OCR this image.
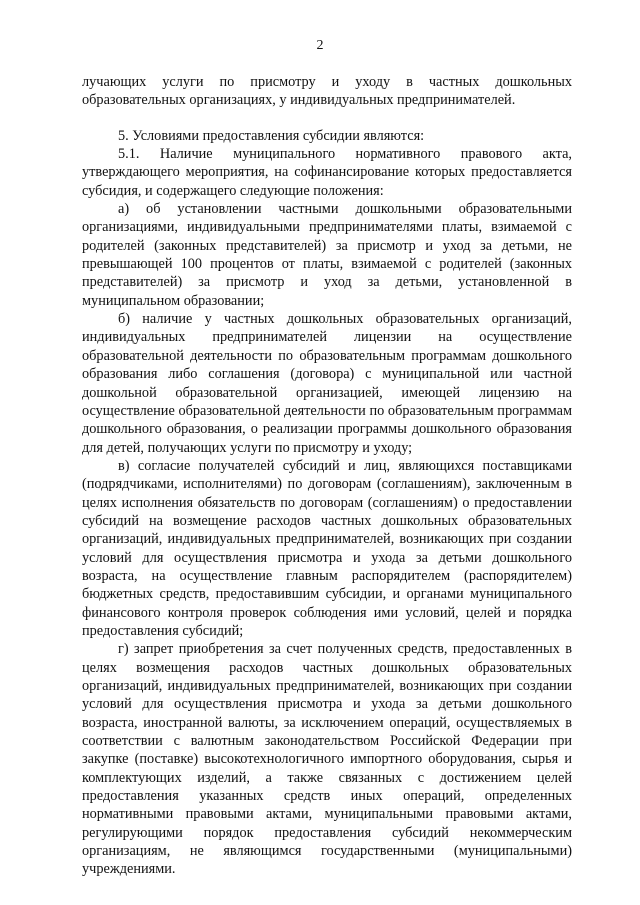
2

лучающих услуги по присмотру и уходу в частных дошкольных образовательных организациях, у индивидуальных предпринимателей.

5. Условиями предоставления субсидии являются:

5.1. Наличие муниципального нормативного правового акта, утверждающего мероприятия, на софинансирование которых предоставляется субсидия, и содержащего следующие положения:

а) об установлении частными дошкольными образовательными организациями, индивидуальными предпринимателями платы, взимаемой с родителей (законных представителей) за присмотр и уход за детьми, не превышающей 100 процентов от платы, взимаемой с родителей (законных представителей) за присмотр и уход за детьми, установленной в муниципальном образовании;

б) наличие у частных дошкольных образовательных организаций, индивидуальных предпринимателей лицензии на осуществление образовательной деятельности по образовательным программам дошкольного образования либо соглашения (договора) с муниципальной или частной дошкольной образовательной организацией, имеющей лицензию на осуществление образовательной деятельности по образовательным программам дошкольного образования, о реализации программы дошкольного образования для детей, получающих услуги по присмотру и уходу;

в) согласие получателей субсидий и лиц, являющихся поставщиками (подрядчиками, исполнителями) по договорам (соглашениям), заключенным в целях исполнения обязательств по договорам (соглашениям) о предоставлении субсидий на возмещение расходов частных дошкольных образовательных организаций, индивидуальных предпринимателей, возникающих при создании условий для осуществления присмотра и ухода за детьми дошкольного возраста, на осуществление главным распорядителем (распорядителем) бюджетных средств, предоставившим субсидии, и органами муниципального финансового контроля проверок соблюдения ими условий, целей и порядка предоставления субсидий;

г) запрет приобретения за счет полученных средств, предоставленных в целях возмещения расходов частных дошкольных образовательных организаций, индивидуальных предпринимателей, возникающих при создании условий для осуществления присмотра и ухода за детьми дошкольного возраста, иностранной валюты, за исключением операций, осуществляемых в соответствии с валютным законодательством Российской Федерации при закупке (поставке) высокотехнологичного импортного оборудования, сырья и комплектующих изделий, а также связанных с достижением целей предоставления указанных средств иных операций, определенных нормативными правовыми актами, муниципальными правовыми актами, регулирующими порядок предоставления субсидий некоммерческим организациям, не являющимся государственными (муниципальными) учреждениями.
